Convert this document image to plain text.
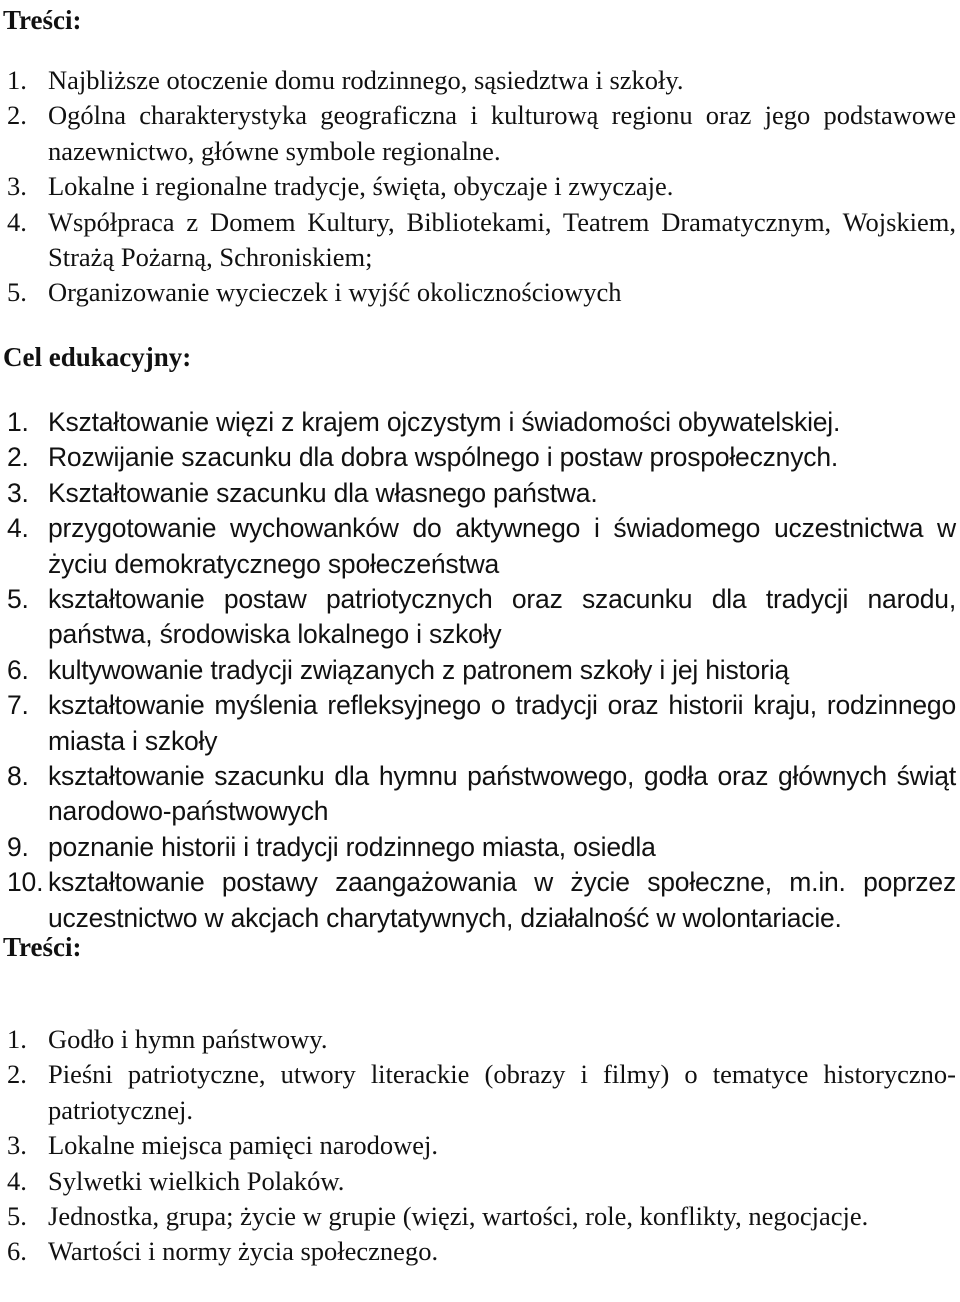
Treści:
1. Najbliższe otoczenie domu rodzinnego, sąsiedztwa i szkoły.
2. Ogólna charakterystyka geograficzna i kulturową regionu oraz jego podstawowe nazewnictwo, główne symbole regionalne.
3. Lokalne i regionalne tradycje, święta, obyczaje i zwyczaje.
4. Współpraca z Domem Kultury, Bibliotekami, Teatrem Dramatycznym, Wojskiem, Strażą Pożarną, Schroniskiem;
5. Organizowanie wycieczek i wyjść okolicznościowych
Cel edukacyjny:
1. Kształtowanie więzi z krajem ojczystym i świadomości obywatelskiej.
2. Rozwijanie szacunku dla dobra wspólnego i postaw prospołecznych.
3. Kształtowanie szacunku dla własnego państwa.
4. przygotowanie wychowanków do aktywnego i świadomego uczestnictwa w życiu demokratycznego społeczeństwa
5. kształtowanie postaw patriotycznych oraz szacunku dla tradycji narodu, państwa, środowiska lokalnego i szkoły
6. kultywowanie tradycji związanych z patronem szkoły i jej historią
7. kształtowanie myślenia refleksyjnego o tradycji oraz historii kraju, rodzinnego miasta i szkoły
8. kształtowanie szacunku dla hymnu państwowego, godła oraz głównych świąt narodowo-państwowych
9. poznanie historii i tradycji rodzinnego miasta, osiedla
10. kształtowanie postawy zaangażowania w życie społeczne, m.in. poprzez uczestnictwo w akcjach charytatywnych, działalność w wolontariacie.
Treści:
1. Godło i hymn państwowy.
2. Pieśni patriotyczne, utwory literackie (obrazy i filmy) o tematyce historyczno- patriotycznej.
3. Lokalne miejsca pamięci narodowej.
4. Sylwetki wielkich Polaków.
5. Jednostka, grupa; życie w grupie (więzi, wartości, role, konflikty, negocjacje.
6. Wartości i normy życia społecznego.
